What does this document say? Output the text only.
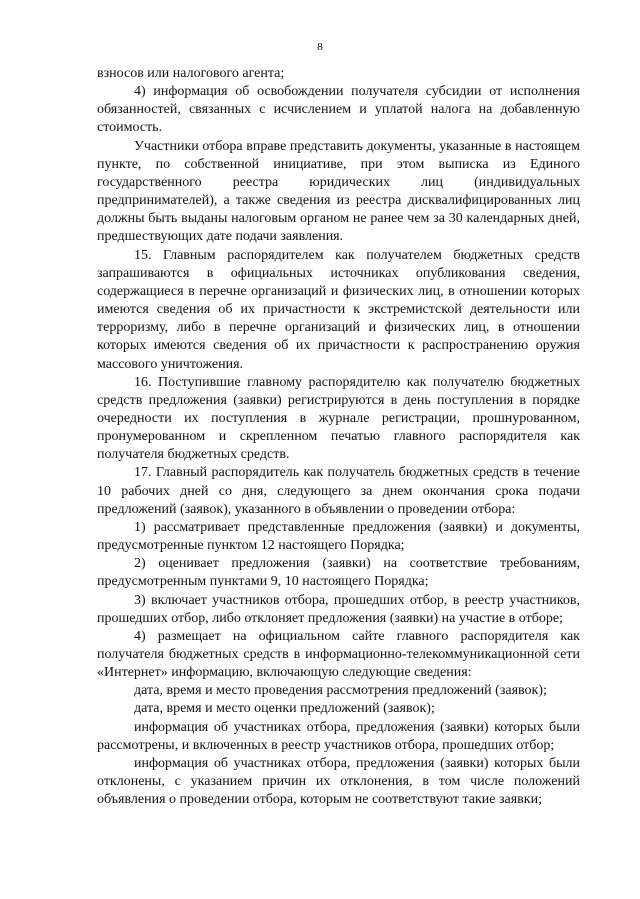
8

взносов или налогового агента;

4) информация об освобождении получателя субсидии от исполнения обязанностей, связанных с исчислением и уплатой налога на добавленную стоимость.

Участники отбора вправе представить документы, указанные в настоящем пункте, по собственной инициативе, при этом выписка из Единого государственного реестра юридических лиц (индивидуальных предпринимателей), а также сведения из реестра дисквалифицированных лиц должны быть выданы налоговым органом не ранее чем за 30 календарных дней, предшествующих дате подачи заявления.

15. Главным распорядителем как получателем бюджетных средств запрашиваются в официальных источниках опубликования сведения, содержащиеся в перечне организаций и физических лиц, в отношении которых имеются сведения об их причастности к экстремистской деятельности или терроризму, либо в перечне организаций и физических лиц, в отношении которых имеются сведения об их причастности к распространению оружия массового уничтожения.

16. Поступившие главному распорядителю как получателю бюджетных средств предложения (заявки) регистрируются в день поступления в порядке очередности их поступления в журнале регистрации, прошнурованном, пронумерованном и скрепленном печатью главного распорядителя как получателя бюджетных средств.

17. Главный распорядитель как получатель бюджетных средств в течение 10 рабочих дней со дня, следующего за днем окончания срока подачи предложений (заявок), указанного в объявлении о проведении отбора:

1) рассматривает представленные предложения (заявки) и документы, предусмотренные пунктом 12 настоящего Порядка;

2) оценивает предложения (заявки) на соответствие требованиям, предусмотренным пунктами 9, 10 настоящего Порядка;

3) включает участников отбора, прошедших отбор, в реестр участников, прошедших отбор, либо отклоняет предложения (заявки) на участие в отборе;

4) размещает на официальном сайте главного распорядителя как получателя бюджетных средств в информационно-телекоммуникационной сети «Интернет» информацию, включающую следующие сведения:

дата, время и место проведения рассмотрения предложений (заявок);

дата, время и место оценки предложений (заявок);

информация об участниках отбора, предложения (заявки) которых были рассмотрены, и включенных в реестр участников отбора, прошедших отбор;

информация об участниках отбора, предложения (заявки) которых были отклонены, с указанием причин их отклонения, в том числе положений объявления о проведении отбора, которым не соответствуют такие заявки;
